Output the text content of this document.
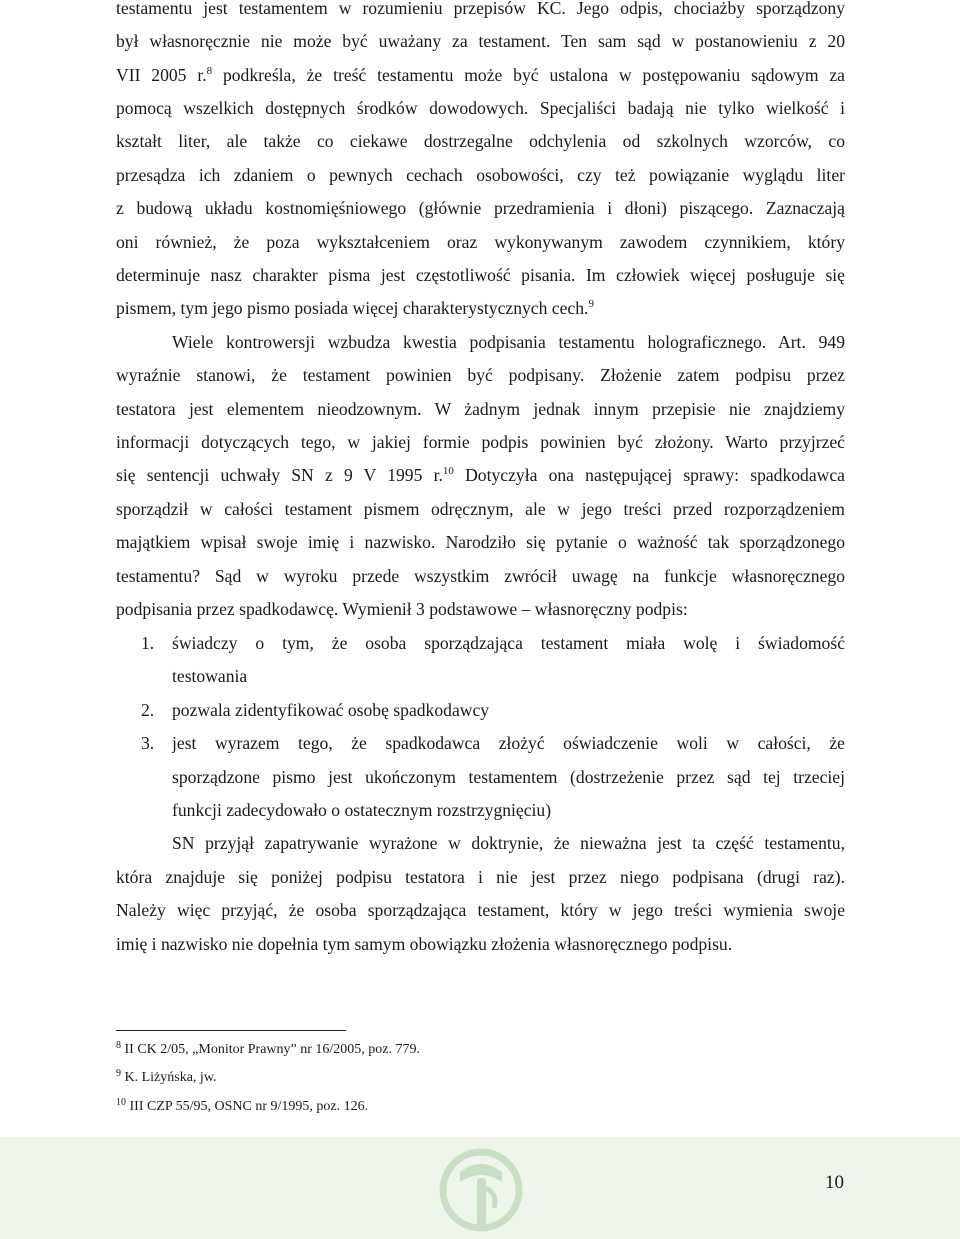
testamentu jest testamentem w rozumieniu przepisów KC. Jego odpis, chociażby sporządzony
był własnoręcznie nie może być uważany za testament. Ten sam sąd w postanowieniu z 20
VII 2005 r.$^8$ podkreśla, że treść testamentu może być ustalona w postępowaniu sądowym za
pomocą wszelkich dostępnych środków dowodowych. Specjaliści badają nie tylko wielkość i
kształt liter, ale także co ciekawe dostrzegalne odchylenia od szkolnych wzorców, co
przesądza ich zdaniem o pewnych cechach osobowości, czy też powiązanie wyglądu liter
z budową układu kostnomięśniowego (głównie przedramienia i dłoni) piszącego. Zaznaczają
oni również, że poza wykształceniem oraz wykonywanym zawodem czynnikiem, który
determinuje nasz charakter pisma jest częstotliwość pisania. Im człowiek więcej posługuje się
pismem, tym jego pismo posiada więcej charakterystycznych cech.$^9$
Wiele kontrowersji wzbudza kwestia podpisania testamentu holograficznego. Art. 949
wyraźnie stanowi, że testament powinien być podpisany. Złożenie zatem podpisu przez
testatora jest elementem nieodzownym. W żadnym jednak innym przepisie nie znajdziemy
informacji dotyczących tego, w jakiej formie podpis powinien być złożony. Warto przyjrzeć
się sentencji uchwały SN z 9 V 1995 r.$^{10}$ Dotyczyła ona następującej sprawy: spadkodawca
sporządził w całości testament pismem odręcznym, ale w jego treści przed rozporządzeniem
majątkiem wpisał swoje imię i nazwisko. Narodziło się pytanie o ważność tak sporządzonego
testamentu? Sąd w wyroku przede wszystkim zwrócił uwagę na funkcje własnoręcznego
podpisania przez spadkodawcę. Wymienił 3 podstawowe – własnoręczny podpis:
1. świadczy o tym, że osoba sporządzająca testament miała wolę i świadomość
testowania
2. pozwala zidentyfikować osobę spadkodawcy
3. jest wyrazem tego, że spadkodawca złożyć oświadczenie woli w całości, że
sporządzone pismo jest ukończonym testamentem (dostrzeżenie przez sąd tej trzeciej
funkcji zadecydowało o ostatecznym rozstrzygnięciu)
SN przyjął zapatrywanie wyrażone w doktrynie, że nieważna jest ta część testamentu,
która znajduje się poniżej podpisu testatora i nie jest przez niego podpisana (drugi raz).
Należy więc przyjąć, że osoba sporządzająca testament, który w jego treści wymienia swoje
imię i nazwisko nie dopełnia tym samym obowiązku złożenia własnoręcznego podpisu.
$^8$ II CK 2/05, „Monitor Prawny” nr 16/2005, poz. 779.
$^9$ K. Liżyńska, jw.
$^{10}$ III CZP 55/95, OSNC nr 9/1995, poz. 126.
10
